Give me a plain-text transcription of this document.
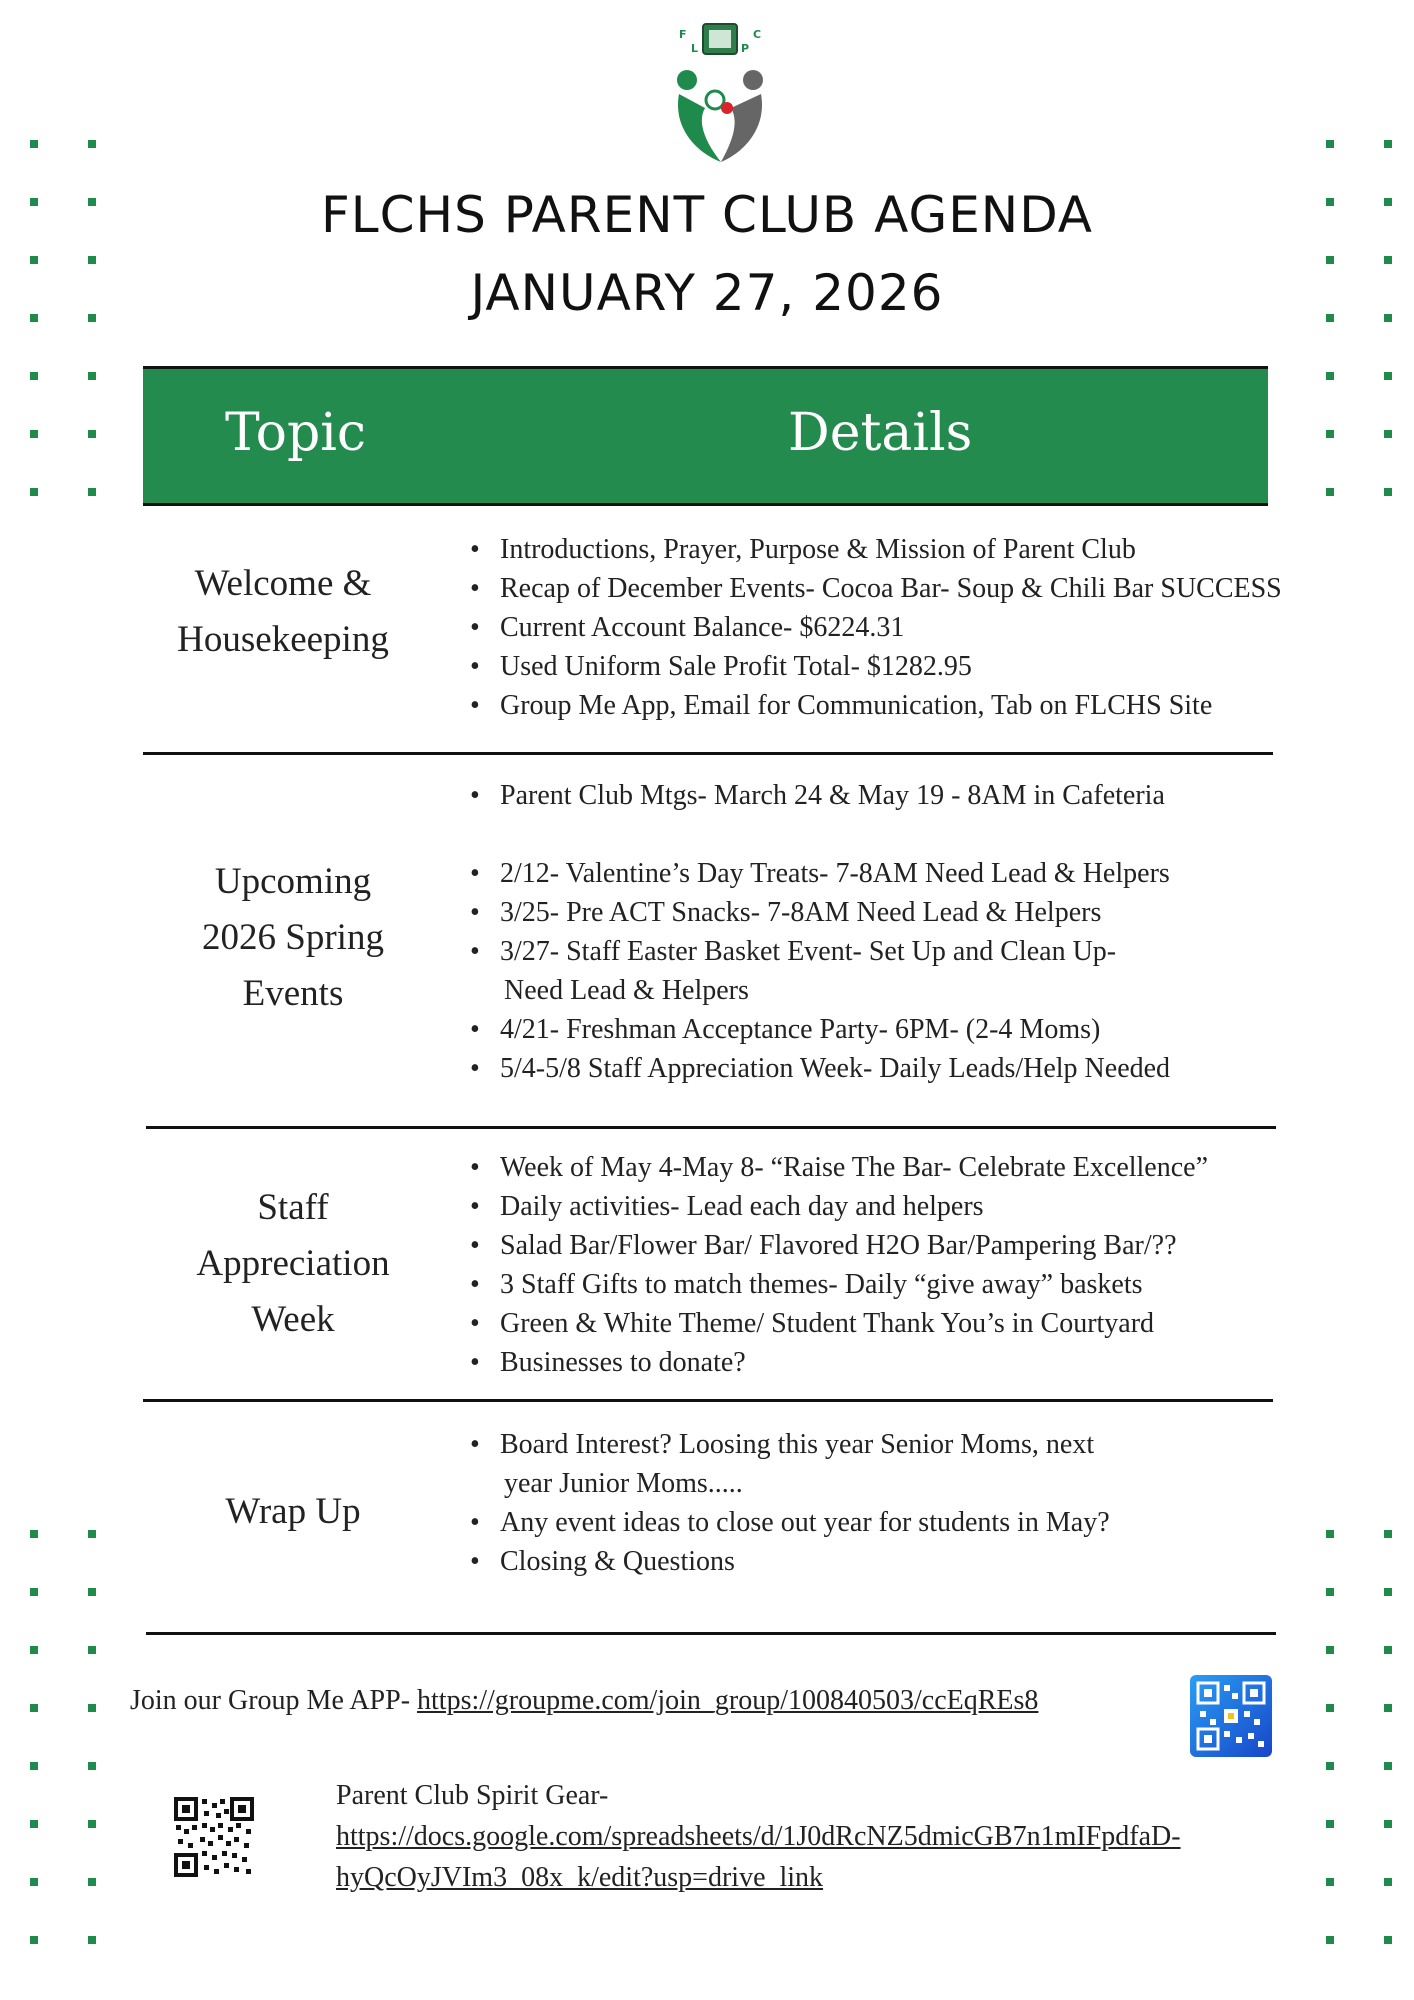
F
L	P
C
FLCHS PARENT CLUB AGENDA
JANUARY 27, 2026
Topic	Details
Welcome &
Housekeeping
• Introductions, Prayer, Purpose & Mission of Parent Club
• Recap of December Events- Cocoa Bar- Soup & Chili Bar SUCCESS
• Current Account Balance- $6224.31
• Used Uniform Sale Profit Total- $1282.95
• Group Me App, Email for Communication, Tab on FLCHS Site
Upcoming
2026 Spring
Events
• Parent Club Mtgs- March 24 & May 19 - 8AM in Cafeteria
• 2/12- Valentine’s Day Treats- 7-8AM Need Lead & Helpers
• 3/25- Pre ACT Snacks- 7-8AM Need Lead & Helpers
• 3/27- Staff Easter Basket Event- Set Up and Clean Up-
Need Lead & Helpers
• 4/21- Freshman Acceptance Party- 6PM- (2-4 Moms)
• 5/4-5/8 Staff Appreciation Week- Daily Leads/Help Needed
Staff
Appreciation
Week
• Week of May 4-May 8- “Raise The Bar- Celebrate Excellence”
• Daily activities- Lead each day and helpers
• Salad Bar/Flower Bar/ Flavored H2O Bar/Pampering Bar/??
• 3 Staff Gifts to match themes- Daily “give away” baskets
• Green & White Theme/ Student Thank You’s in Courtyard
• Businesses to donate?
Wrap Up
• Board Interest? Loosing this year Senior Moms, next
year Junior Moms.....
• Any event ideas to close out year for students in May?
• Closing & Questions
Join our Group Me APP- https://groupme.com/join_group/100840503/ccEqREs8
Parent Club Spirit Gear-
https://docs.google.com/spreadsheets/d/1J0dRcNZ5dmicGB7n1mIFpdfaD-
hyQcOyJVIm3_08x_k/edit?usp=drive_link
